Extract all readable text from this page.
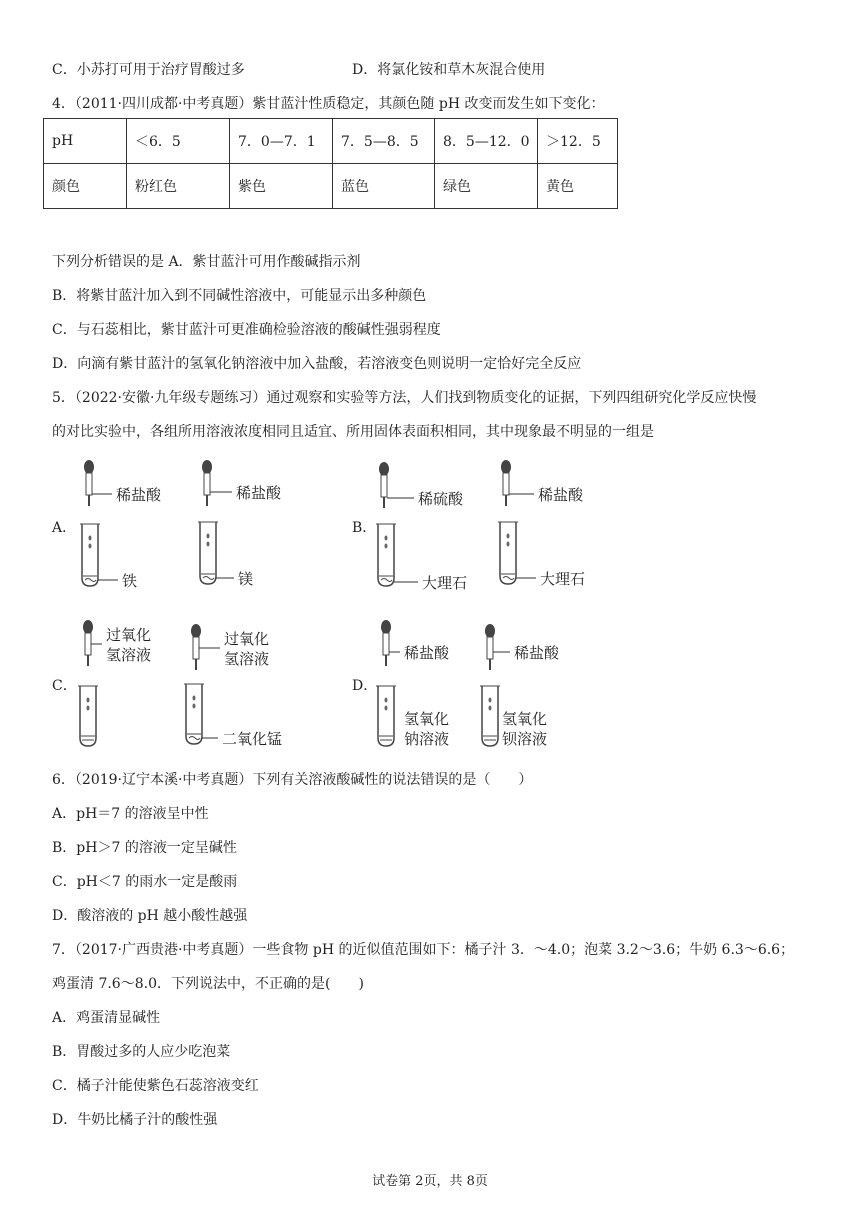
C．小苏打可用于治疗胃酸过多	D．将氯化铵和草木灰混合使用
4．（2011·四川成都·中考真题）紫甘蓝汁性质稳定，其颜色随 pH 改变而发生如下变化：
pH	＜6．5	7．0—7．1	7．5—8．5	8．5—12．0	＞12．5
颜色	粉红色	紫色	蓝色	绿色	黄色
下列分析错误的是 A．紫甘蓝汁可用作酸碱指示剂
B．将紫甘蓝汁加入到不同碱性溶液中，可能显示出多种颜色
C．与石蕊相比，紫甘蓝汁可更准确检验溶液的酸碱性强弱程度
D．向滴有紫甘蓝汁的氢氧化钠溶液中加入盐酸，若溶液变色则说明一定恰好完全反应
5．（2022·安徽·九年级专题练习）通过观察和实验等方法，人们找到物质变化的证据，下列四组研究化学反应快慢
的对比实验中，各组所用溶液浓度相同且适宜、所用固体表面积相同，其中现象最不明显的一组是
A．	B．
C．	D．
稀盐酸
铁
稀盐酸
镁
稀硫酸
大理石
稀盐酸
大理石
过氧化
氢溶液
过氧化
氢溶液
二氧化锰
稀盐酸
氢氧化
钠溶液
稀盐酸
氢氧化
钡溶液
6．（2019·辽宁本溪·中考真题）下列有关溶液酸碱性的说法错误的是（　　）
A．pH＝7 的溶液呈中性
B．pH＞7 的溶液一定呈碱性
C．pH＜7 的雨水一定是酸雨
D．酸溶液的 pH 越小酸性越强
7．（2017·广西贵港·中考真题）一些食物 pH 的近似值范围如下：橘子汁 3．～4.0；泡菜 3.2～3.6；牛奶 6.3～6.6；
鸡蛋清 7.6～8.0．下列说法中，不正确的是(　　)
A．鸡蛋清显碱性
B．胃酸过多的人应少吃泡菜
C．橘子汁能使紫色石蕊溶液变红
D．牛奶比橘子汁的酸性强
试卷第 2页，共 8页
